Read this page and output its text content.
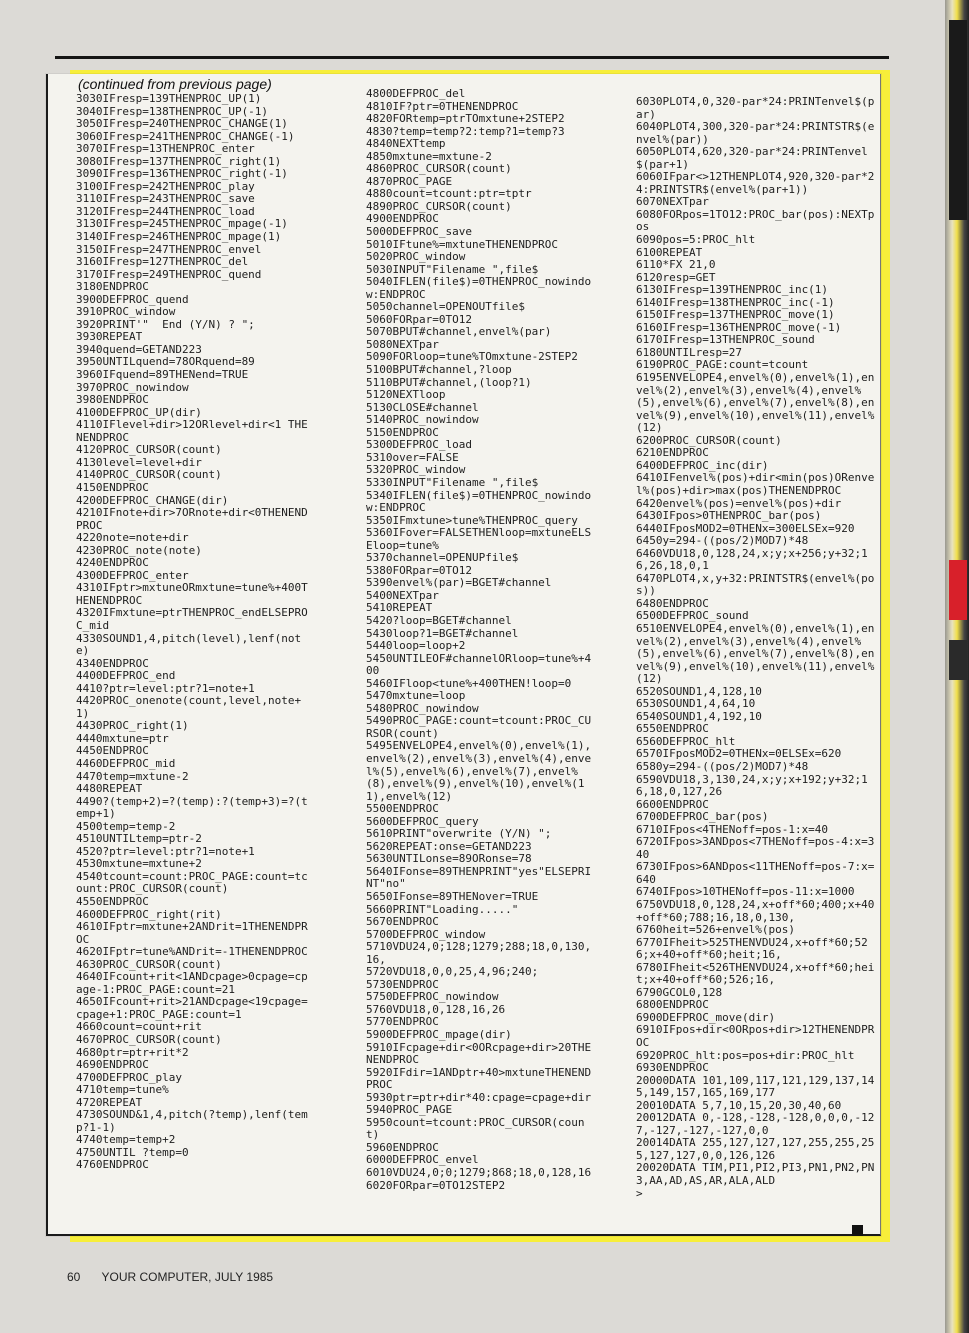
(continued from previous page)
3030IFresp=139THENPROC_UP(1)
3040IFresp=138THENPROC_UP(-1)
3050IFresp=240THENPROC_CHANGE(1)
3060IFresp=241THENPROC_CHANGE(-1)
3070IFresp=13THENPROC_enter
3080IFresp=137THENPROC_right(1)
3090IFresp=136THENPROC_right(-1)
3100IFresp=242THENPROC_play
3110IFresp=243THENPROC_save
3120IFresp=244THENPROC_load
3130IFresp=245THENPROC_mpage(-1)
3140IFresp=246THENPROC_mpage(1)
3150IFresp=247THENPROC_envel
3160IFresp=127THENPROC_del
3170IFresp=249THENPROC_quend
3180ENDPROC
3900DEFPROC_quend
3910PROC_window
3920PRINT'"  End (Y/N) ? ";
3930REPEAT
3940quend=GETAND223
3950UNTILquend=78ORquend=89
3960IFquend=89THENend=TRUE
3970PROC_nowindow
3980ENDPROC
4100DEFPROC_UP(dir)
4110IFlevel+dir>12ORlevel+dir<1 THENENDPROC
4120PROC_CURSOR(count)
4130level=level+dir
4140PROC_CURSOR(count)
4150ENDPROC
4200DEFPROC_CHANGE(dir)
4210IFnote+dir>7ORnote+dir<0THENENDPROC
4220note=note+dir
4230PROC_note(note)
4240ENDPROC
4300DEFPROC_enter
4310IFptr>mxtuneORmxtune=tune%+400THENENDPROC
4320IFmxtune=ptrTHENPROC_endELSEPROC_mid
4330SOUND1,4,pitch(level),lenf(note)
4340ENDPROC
4400DEFPROC_end
4410?ptr=level:ptr?1=note+1
4420PROC_onenote(count,level,note+1)
4430PROC_right(1)
4440mxtune=ptr
4450ENDPROC
4460DEFPROC_mid
4470temp=mxtune-2
4480REPEAT
4490?(temp+2)=?(temp):?(temp+3)=?(temp+1)
4500temp=temp-2
4510UNTILtemp=ptr-2
4520?ptr=level:ptr?1=note+1
4530mxtune=mxtune+2
4540tcount=count:PROC_PAGE:count=tcount:PROC_CURSOR(count)
4550ENDPROC
4600DEFPROC_right(rit)
4610IFptr=mxtune+2ANDrit=1THENENDPROC
4620IFptr=tune%ANDrit=-1THENENDPROC
4630PROC_CURSOR(count)
4640IFcount+rit<1ANDcpage>0cpage=cpage-1:PROC_PAGE:count=21
4650IFcount+rit>21ANDcpage<19cpage=cpage+1:PROC_PAGE:count=1
4660count=count+rit
4670PROC_CURSOR(count)
4680ptr=ptr+rit*2
4690ENDPROC
4700DEFPROC_play
4710temp=tune%
4720REPEAT
4730SOUND&1,4,pitch(?temp),lenf(temp?1-1)
4740temp=temp+2
4750UNTIL ?temp=0
4760ENDPROC
4800DEFPROC_del
4810IF?ptr=0THENENDPROC
4820FORtemp=ptrTOmxtune+2STEP2
4830?temp=temp?2:temp?1=temp?3
4840NEXTtemp
4850mxtune=mxtune-2
4860PROC_CURSOR(count)
4870PROC_PAGE
4880count=tcount:ptr=tptr
4890PROC_CURSOR(count)
4900ENDPROC
5000DEFPROC_save
5010IFtune%=mxtuneTHENENDPROC
5020PROC_window
5030INPUT"Filename ",file$
5040IFLEN(file$)=0THENPROC_nowindow:ENDPROC
5050channel=OPENOUTfile$
5060FORpar=0TO12
5070BPUT#channel,envel%(par)
5080NEXTpar
5090FORloop=tune%TOmxtune-2STEP2
5100BPUT#channel,?loop
5110BPUT#channel,(loop?1)
5120NEXTloop
5130CLOSE#channel
5140PROC_nowindow
5150ENDPROC
5300DEFPROC_load
5310over=FALSE
5320PROC_window
5330INPUT"Filename ",file$
5340IFLEN(file$)=0THENPROC_nowindow:ENDPROC
5350IFmxtune>tune%THENPROC_query
5360IFover=FALSETHENloop=mxtuneELSEloop=tune%
5370channel=OPENUPfile$
5380FORpar=0TO12
5390envel%(par)=BGET#channel
5400NEXTpar
5410REPEAT
5420?loop=BGET#channel
5430loop?1=BGET#channel
5440loop=loop+2
5450UNTILEOF#channelORloop=tune%+400
5460IFloop<tune%+400THEN!loop=0
5470mxtune=loop
5480PROC_nowindow
5490PROC_PAGE:count=tcount:PROC_CURSOR(count)
5495ENVELOPE4,envel%(0),envel%(1),envel%(2),envel%(3),envel%(4),envel%(5),envel%(6),envel%(7),envel%(8),envel%(9),envel%(10),envel%(11),envel%(12)
5500ENDPROC
5600DEFPROC_query
5610PRINT"overwrite (Y/N) ";
5620REPEAT:onse=GETAND223
5630UNTILonse=89ORonse=78
5640IFonse=89THENPRINT"yes"ELSEPRINT"no"
5650IFonse=89THENover=TRUE
5660PRINT"Loading....."
5670ENDPROC
5700DEFPROC_window
5710VDU24,0;128;1279;288;18,0,130,16,
5720VDU18,0,0,25,4,96;240;
5730ENDPROC
5750DEFPROC_nowindow
5760VDU18,0,128,16,26
5770ENDPROC
5900DEFPROC_mpage(dir)
5910IFcpage+dir<0ORcpage+dir>20THENENDPROC
5920IFdir=1ANDptr+40>mxtuneTHENENDPROC
5930ptr=ptr+dir*40:cpage=cpage+dir
5940PROC_PAGE
5950count=tcount:PROC_CURSOR(count)
5960ENDPROC
6000DEFPROC_envel
6010VDU24,0;0;1279;868;18,0,128,16
6020FORpar=0TO12STEP2
6030PLOT4,0,320-par*24:PRINTenvel$(par)
6040PLOT4,300,320-par*24:PRINTSTR$(envel%(par))
6050PLOT4,620,320-par*24:PRINTenvel$(par+1)
6060IFpar<>12THENPLOT4,920,320-par*24:PRINTSTR$(envel%(par+1))
6070NEXTpar
6080FORpos=1TO12:PROC_bar(pos):NEXTpos
6090pos=5:PROC_hlt
6100REPEAT
6110*FX 21,0
6120resp=GET
6130IFresp=139THENPROC_inc(1)
6140IFresp=138THENPROC_inc(-1)
6150IFresp=137THENPROC_move(1)
6160IFresp=136THENPROC_move(-1)
6170IFresp=13THENPROC_sound
6180UNTILresp=27
6190PROC_PAGE:count=tcount
6195ENVELOPE4,envel%(0),envel%(1),envel%(2),envel%(3),envel%(4),envel%(5),envel%(6),envel%(7),envel%(8),envel%(9),envel%(10),envel%(11),envel%(12)
6200PROC_CURSOR(count)
6210ENDPROC
6400DEFPROC_inc(dir)
6410IFenvel%(pos)+dir<min(pos)ORenvel%(pos)+dir>max(pos)THENENDPROC
6420envel%(pos)=envel%(pos)+dir
6430IFpos>0THENPROC_bar(pos)
6440IFposMOD2=0THENx=300ELSEx=920
6450y=294-((pos/2)MOD7)*48
6460VDU18,0,128,24,x;y;x+256;y+32;16,26,18,0,1
6470PLOT4,x,y+32:PRINTSTR$(envel%(pos))
6480ENDPROC
6500DEFPROC_sound
6510ENVELOPE4,envel%(0),envel%(1),envel%(2),envel%(3),envel%(4),envel%(5),envel%(6),envel%(7),envel%(8),envel%(9),envel%(10),envel%(11),envel%(12)
6520SOUND1,4,128,10
6530SOUND1,4,64,10
6540SOUND1,4,192,10
6550ENDPROC
6560DEFPROC_hlt
6570IFposMOD2=0THENx=0ELSEx=620
6580y=294-((pos/2)MOD7)*48
6590VDU18,3,130,24,x;y;x+192;y+32;16,18,0,127,26
6600ENDPROC
6700DEFPROC_bar(pos)
6710IFpos<4THENoff=pos-1:x=40
6720IFpos>3ANDpos<7THENoff=pos-4:x=340
6730IFpos>6ANDpos<11THENoff=pos-7:x=640
6740IFpos>10THENoff=pos-11:x=1000
6750VDU18,0,128,24,x+off*60;400;x+40+off*60;788;16,18,0,130,
6760heit=526+envel%(pos)
6770IFheit>525THENVDU24,x+off*60;526;x+40+off*60;heit;16,
6780IFheit<526THENVDU24,x+off*60;heit;x+40+off*60;526;16,
6790GCOL0,128
6800ENDPROC
6900DEFPROC_move(dir)
6910IFpos+dir<0ORpos+dir>12THENENDPROC
6920PROC_hlt:pos=pos+dir:PROC_hlt
6930ENDPROC
20000DATA 101,109,117,121,129,137,145,149,157,165,169,177
20010DATA 5,7,10,15,20,30,40,60
20012DATA 0,-128,-128,-128,0,0,0,-127,-127,-127,-127,0,0
20014DATA 255,127,127,127,255,255,255,127,127,0,0,126,126
20020DATA TIM,PI1,PI2,PI3,PN1,PN2,PN3,AA,AD,AS,AR,ALA,ALD
>
60 YOUR COMPUTER, JULY 1985
